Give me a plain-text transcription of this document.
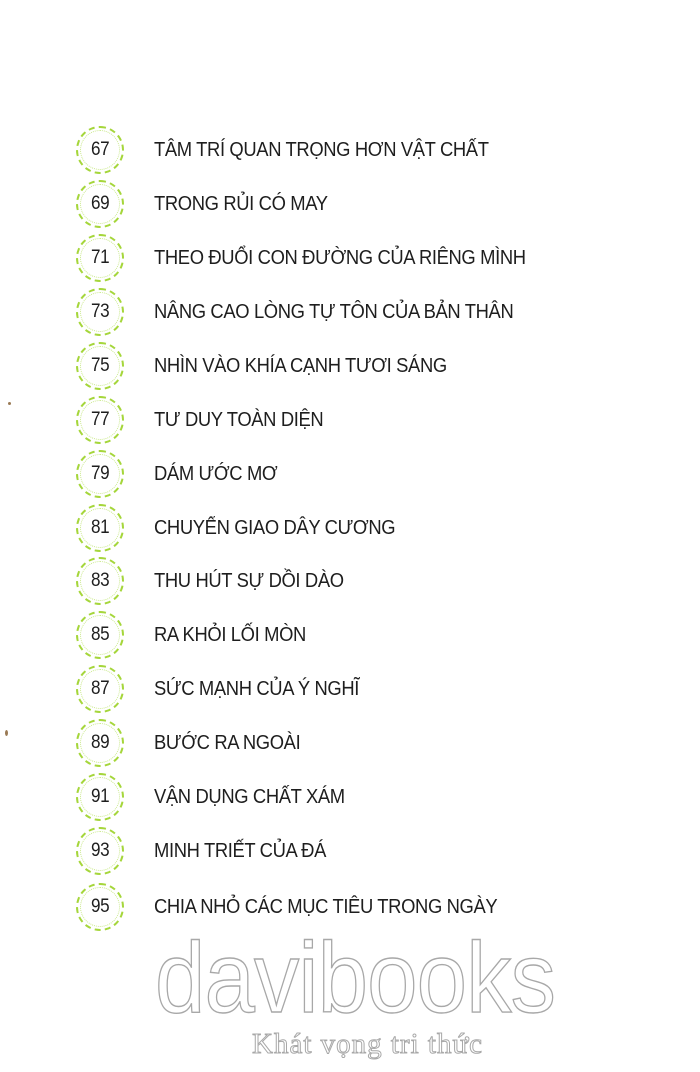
67 TÂM TRÍ QUAN TRỌNG HƠN VẬT CHẤT
69 TRONG RỦI CÓ MAY
71 THEO ĐUỔI CON ĐƯỜNG CỦA RIÊNG MÌNH
73 NÂNG CAO LÒNG TỰ TÔN CỦA BẢN THÂN
75 NHÌN VÀO KHÍA CẠNH TƯƠI SÁNG
77 TƯ DUY TOÀN DIỆN
79 DÁM ƯỚC MƠ
81 CHUYỂN GIAO DÂY CƯƠNG
83 THU HÚT SỰ DỒI DÀO
85 RA KHỎI LỐI MÒN
87 SỨC MẠNH CỦA Ý NGHĨ
89 BƯỚC RA NGOÀI
91 VẬN DỤNG CHẤT XÁM
93 MINH TRIẾT CỦA ĐÁ
95 CHIA NHỎ CÁC MỤC TIÊU TRONG NGÀY
davibooks
Khát vọng tri thức
